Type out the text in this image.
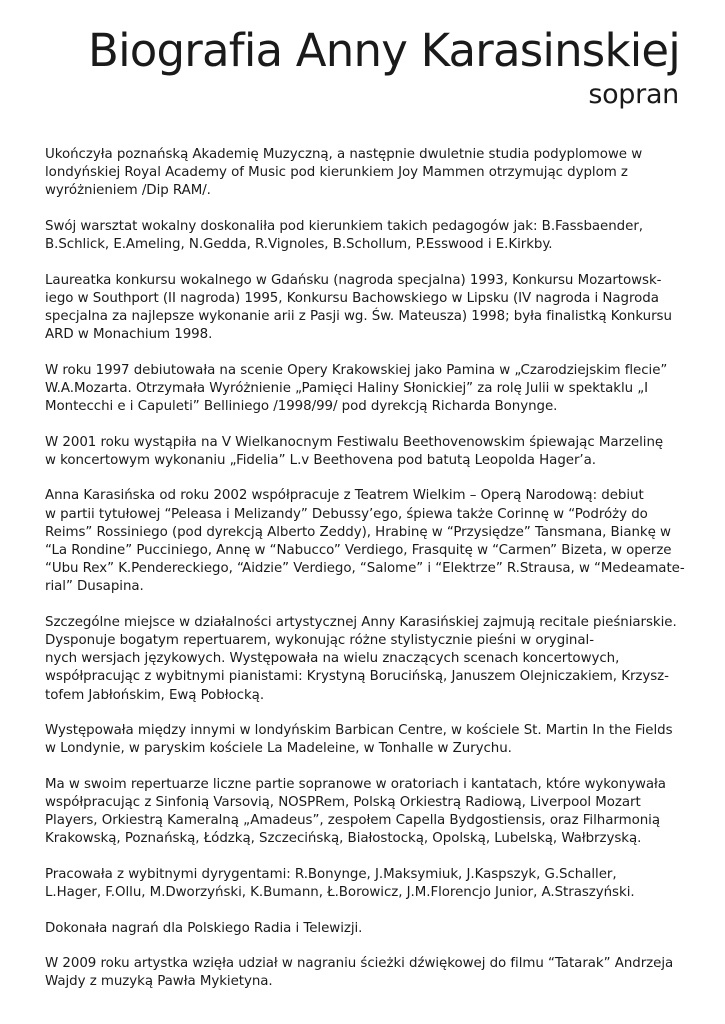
Biografia Anny Karasinskiej
sopran

Ukończyła poznańską Akademię Muzyczną, a następnie dwuletnie studia podyplomowe w
londyńskiej Royal Academy of Music pod kierunkiem Joy Mammen otrzymując dyplom z
wyróżnieniem /Dip RAM/.

Swój warsztat wokalny doskonaliła pod kierunkiem takich pedagogów jak: B.Fassbaender,
B.Schlick, E.Ameling, N.Gedda, R.Vignoles, B.Schollum, P.Esswood i E.Kirkby.

Laureatka konkursu wokalnego w Gdańsku (nagroda specjalna) 1993, Konkursu Mozartowsk-
iego w Southport (II nagroda) 1995, Konkursu Bachowskiego w Lipsku (IV nagroda i Nagroda
specjalna za najlepsze wykonanie arii z Pasji wg. Św. Mateusza) 1998; była finalistką Konkursu
ARD w Monachium 1998.

W roku 1997 debiutowała na scenie Opery Krakowskiej jako Pamina w „Czarodziejskim flecie”
W.A.Mozarta. Otrzymała Wyróżnienie „Pamięci Haliny Słonickiej” za rolę Julii w spektaklu „I
Montecchi e i Capuleti” Belliniego /1998/99/ pod dyrekcją Richarda Bonynge.

W 2001 roku wystąpiła na V Wielkanocnym Festiwalu Beethovenowskim śpiewając Marzelinę
w koncertowym wykonaniu „Fidelia” L.v Beethovena pod batutą Leopolda Hager’a.

Anna Karasińska od roku 2002 współpracuje z Teatrem Wielkim – Operą Narodową: debiut
w partii tytułowej “Peleasa i Melizandy” Debussy’ego, śpiewa także Corinnę w “Podróży do
Reims” Rossiniego (pod dyrekcją Alberto Zeddy), Hrabinę w “Przysiędze” Tansmana, Biankę w
“La Rondine” Pucciniego, Annę w “Nabucco” Verdiego, Frasquitę w “Carmen” Bizeta, w operze
“Ubu Rex” K.Pendereckiego, “Aidzie” Verdiego, “Salome” i “Elektrze” R.Strausa, w “Medeamate-
rial” Dusapina.

Szczególne miejsce w działalności artystycznej Anny Karasińskiej zajmują recitale pieśniarskie.
Dysponuje bogatym repertuarem, wykonując różne stylistycznie pieśni w oryginal-
nych wersjach językowych. Występowała na wielu znaczących scenach koncertowych,
współpracując z wybitnymi pianistami: Krystyną Borucińską, Januszem Olejniczakiem, Krzysz-
tofem Jabłońskim, Ewą Pobłocką.

Występowała między innymi w londyńskim Barbican Centre, w kościele St. Martin In the Fields
w Londynie, w paryskim kościele La Madeleine, w Tonhalle w Zurychu.

Ma w swoim repertuarze liczne partie sopranowe w oratoriach i kantatach, które wykonywała
współpracując z Sinfonią Varsovią, NOSPRem, Polską Orkiestrą Radiową, Liverpool Mozart
Players, Orkiestrą Kameralną „Amadeus”, zespołem Capella Bydgostiensis, oraz Filharmonią
Krakowską, Poznańską, Łódzką, Szczecińską, Białostocką, Opolską, Lubelską, Wałbrzyską.

Pracowała z wybitnymi dyrygentami: R.Bonynge, J.Maksymiuk, J.Kaspszyk, G.Schaller,
L.Hager, F.Ollu, M.Dworzyński, K.Bumann, Ł.Borowicz, J.M.Florencjo Junior, A.Straszyński.

Dokonała nagrań dla Polskiego Radia i Telewizji.

W 2009 roku artystka wzięła udział w nagraniu ścieżki dźwiękowej do filmu “Tatarak” Andrzeja
Wajdy z muzyką Pawła Mykietyna.
